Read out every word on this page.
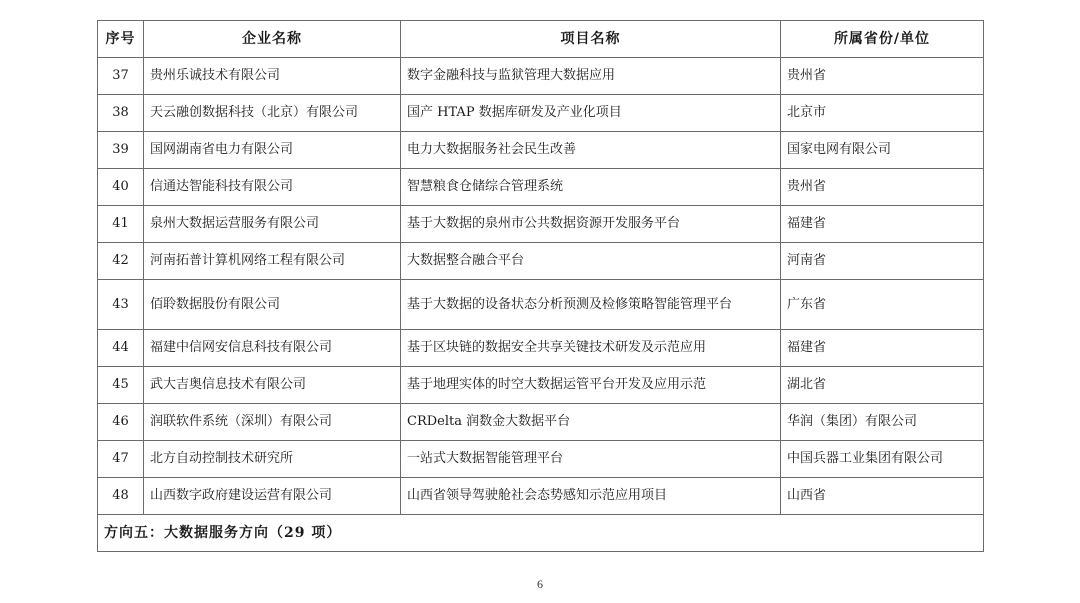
序号	企业名称	项目名称	所属省份/单位
37	贵州乐诚技术有限公司	数字金融科技与监狱管理大数据应用	贵州省
38	天云融创数据科技（北京）有限公司	国产 HTAP 数据库研发及产业化项目	北京市
39	国网湖南省电力有限公司	电力大数据服务社会民生改善	国家电网有限公司
40	信通达智能科技有限公司	智慧粮食仓储综合管理系统	贵州省
41	泉州大数据运营服务有限公司	基于大数据的泉州市公共数据资源开发服务平台	福建省
42	河南拓普计算机网络工程有限公司	大数据整合融合平台	河南省
43	佰聆数据股份有限公司	基于大数据的设备状态分析预测及检修策略智能管理平台	广东省
44	福建中信网安信息科技有限公司	基于区块链的数据安全共享关键技术研发及示范应用	福建省
45	武大吉奥信息技术有限公司	基于地理实体的时空大数据运管平台开发及应用示范	湖北省
46	润联软件系统（深圳）有限公司	CRDelta 润数金大数据平台	华润（集团）有限公司
47	北方自动控制技术研究所	一站式大数据智能管理平台	中国兵器工业集团有限公司
48	山西数字政府建设运营有限公司	山西省领导驾驶舱社会态势感知示范应用项目	山西省
方向五：大数据服务方向（29 项）			
6
